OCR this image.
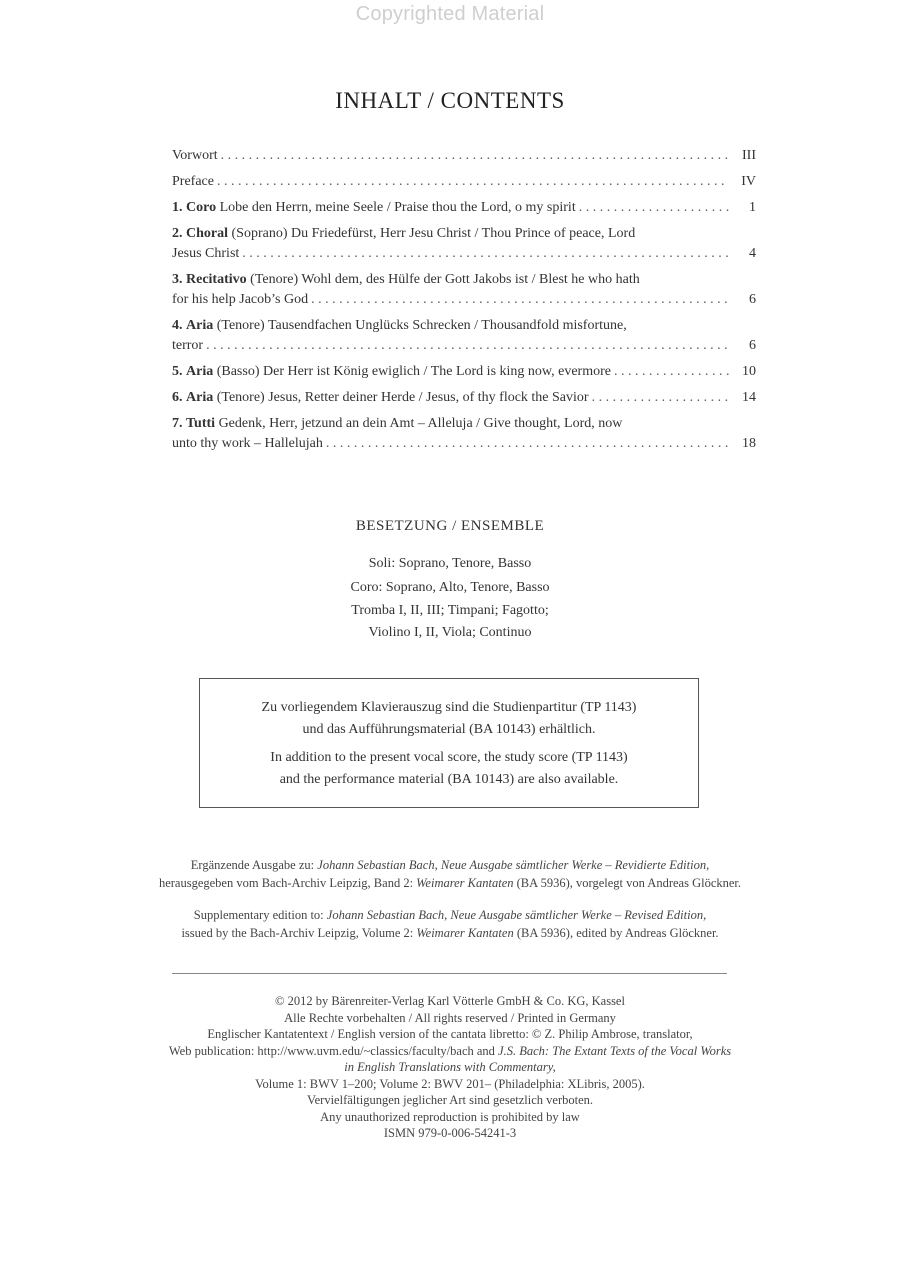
Copyrighted Material
INHALT / CONTENTS
Vorwort . . .	III
Preface . . .	IV
1. Coro Lobe den Herrn, meine Seele / Praise thou the Lord, o my spirit . . .	1
2. Choral (Soprano) Du Friedefürst, Herr Jesu Christ / Thou Prince of peace, Lord
Jesus Christ . . .	4
3. Recitativo (Tenore) Wohl dem, des Hülfe der Gott Jakobs ist / Blest he who hath
for his help Jacob’s God . . .	6
4. Aria (Tenore) Tausendfachen Unglücks Schrecken / Thousandfold misfortune,
terror . . .	6
5. Aria (Basso) Der Herr ist König ewiglich / The Lord is king now, evermore . . .	10
6. Aria (Tenore) Jesus, Retter deiner Herde / Jesus, of thy flock the Savior . . .	14
7. Tutti Gedenk, Herr, jetzund an dein Amt – Alleluja / Give thought, Lord, now
unto thy work – Hallelujah . . .	18
BESETZUNG / ENSEMBLE
Soli: Soprano, Tenore, Basso
Coro: Soprano, Alto, Tenore, Basso
Tromba I, II, III; Timpani; Fagotto;
Violino I, II, Viola; Continuo

Zu vorliegendem Klavierauszug sind die Studienpartitur (TP 1143)
und das Aufführungsmaterial (BA 10143) erhältlich.

In addition to the present vocal score, the study score (TP 1143)
and the performance material (BA 10143) are also available.

Ergänzende Ausgabe zu: Johann Sebastian Bach, Neue Ausgabe sämtlicher Werke – Revidierte Edition,
herausgegeben vom Bach-Archiv Leipzig, Band 2: Weimarer Kantaten (BA 5936), vorgelegt von Andreas Glöckner.
Supplementary edition to: Johann Sebastian Bach, Neue Ausgabe sämtlicher Werke – Revised Edition,
issued by the Bach-Archiv Leipzig, Volume 2: Weimarer Kantaten (BA 5936), edited by Andreas Glöckner.
© 2012 by Bärenreiter-Verlag Karl Vötterle GmbH & Co. KG, Kassel
Alle Rechte vorbehalten / All rights reserved / Printed in Germany
Englischer Kantatentext / English version of the cantata libretto: © Z. Philip Ambrose, translator,
Web publication: http://www.uvm.edu/~classics/faculty/bach and J.S. Bach: The Extant Texts of the Vocal Works
in English Translations with Commentary,
Volume 1: BWV 1–200; Volume 2: BWV 201– (Philadelphia: XLibris, 2005).
Vervielfältigungen jeglicher Art sind gesetzlich verboten.
Any unauthorized reproduction is prohibited by law
ISMN 979-0-006-54241-3
